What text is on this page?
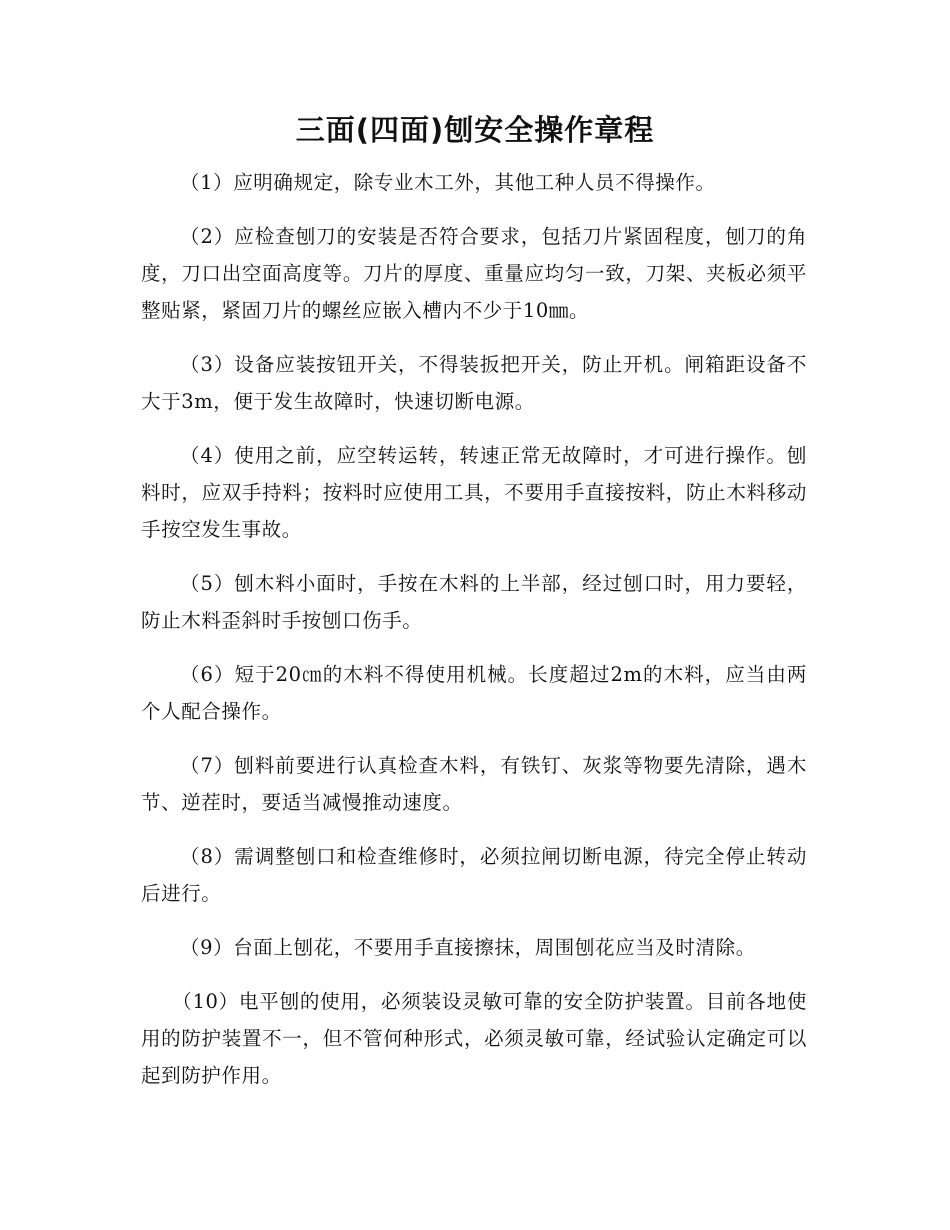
三面(四面)刨安全操作章程

（1）应明确规定，除专业木工外，其他工种人员不得操作。

（2）应检查刨刀的安装是否符合要求，包括刀片紧固程度，刨刀的角度，刀口出空面高度等。刀片的厚度、重量应均匀一致，刀架、夹板必须平整贴紧，紧固刀片的螺丝应嵌入槽内不少于10㎜。

（3）设备应装按钮开关，不得装扳把开关，防止开机。闸箱距设备不大于3m，便于发生故障时，快速切断电源。

（4）使用之前，应空转运转，转速正常无故障时，才可进行操作。刨料时，应双手持料；按料时应使用工具，不要用手直接按料，防止木料移动手按空发生事故。

（5）刨木料小面时，手按在木料的上半部，经过刨口时，用力要轻，防止木料歪斜时手按刨口伤手。

（6）短于20㎝的木料不得使用机械。长度超过2m的木料，应当由两个人配合操作。

（7）刨料前要进行认真检查木料，有铁钉、灰浆等物要先清除，遇木节、逆茬时，要适当减慢推动速度。

（8）需调整刨口和检查维修时，必须拉闸切断电源，待完全停止转动后进行。

（9）台面上刨花，不要用手直接擦抹，周围刨花应当及时清除。

（10）电平刨的使用，必须装设灵敏可靠的安全防护装置。目前各地使用的防护装置不一，但不管何种形式，必须灵敏可靠，经试验认定确定可以起到防护作用。
